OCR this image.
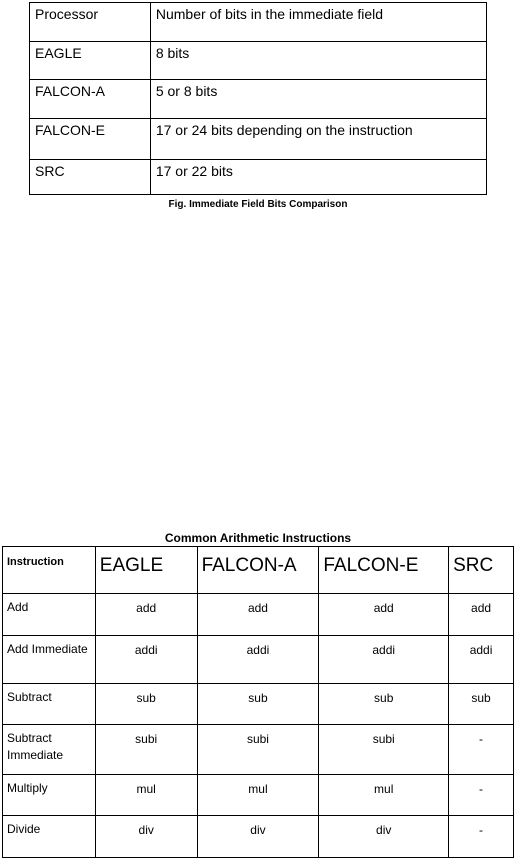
Processor	Number of bits in the immediate field
EAGLE	8 bits
FALCON-A	5 or 8 bits
FALCON-E	17 or 24 bits depending on the instruction
SRC	17 or 22 bits
Fig. Immediate Field Bits Comparison
Common Arithmetic Instructions
Instruction	EAGLE	FALCON-A	FALCON-E	SRC
Add	add	add	add	add
Add Immediate	addi	addi	addi	addi
Subtract	sub	sub	sub	sub
Subtract Immediate	subi	subi	subi	-
Multiply	mul	mul	mul	-
Divide	div	div	div	-
